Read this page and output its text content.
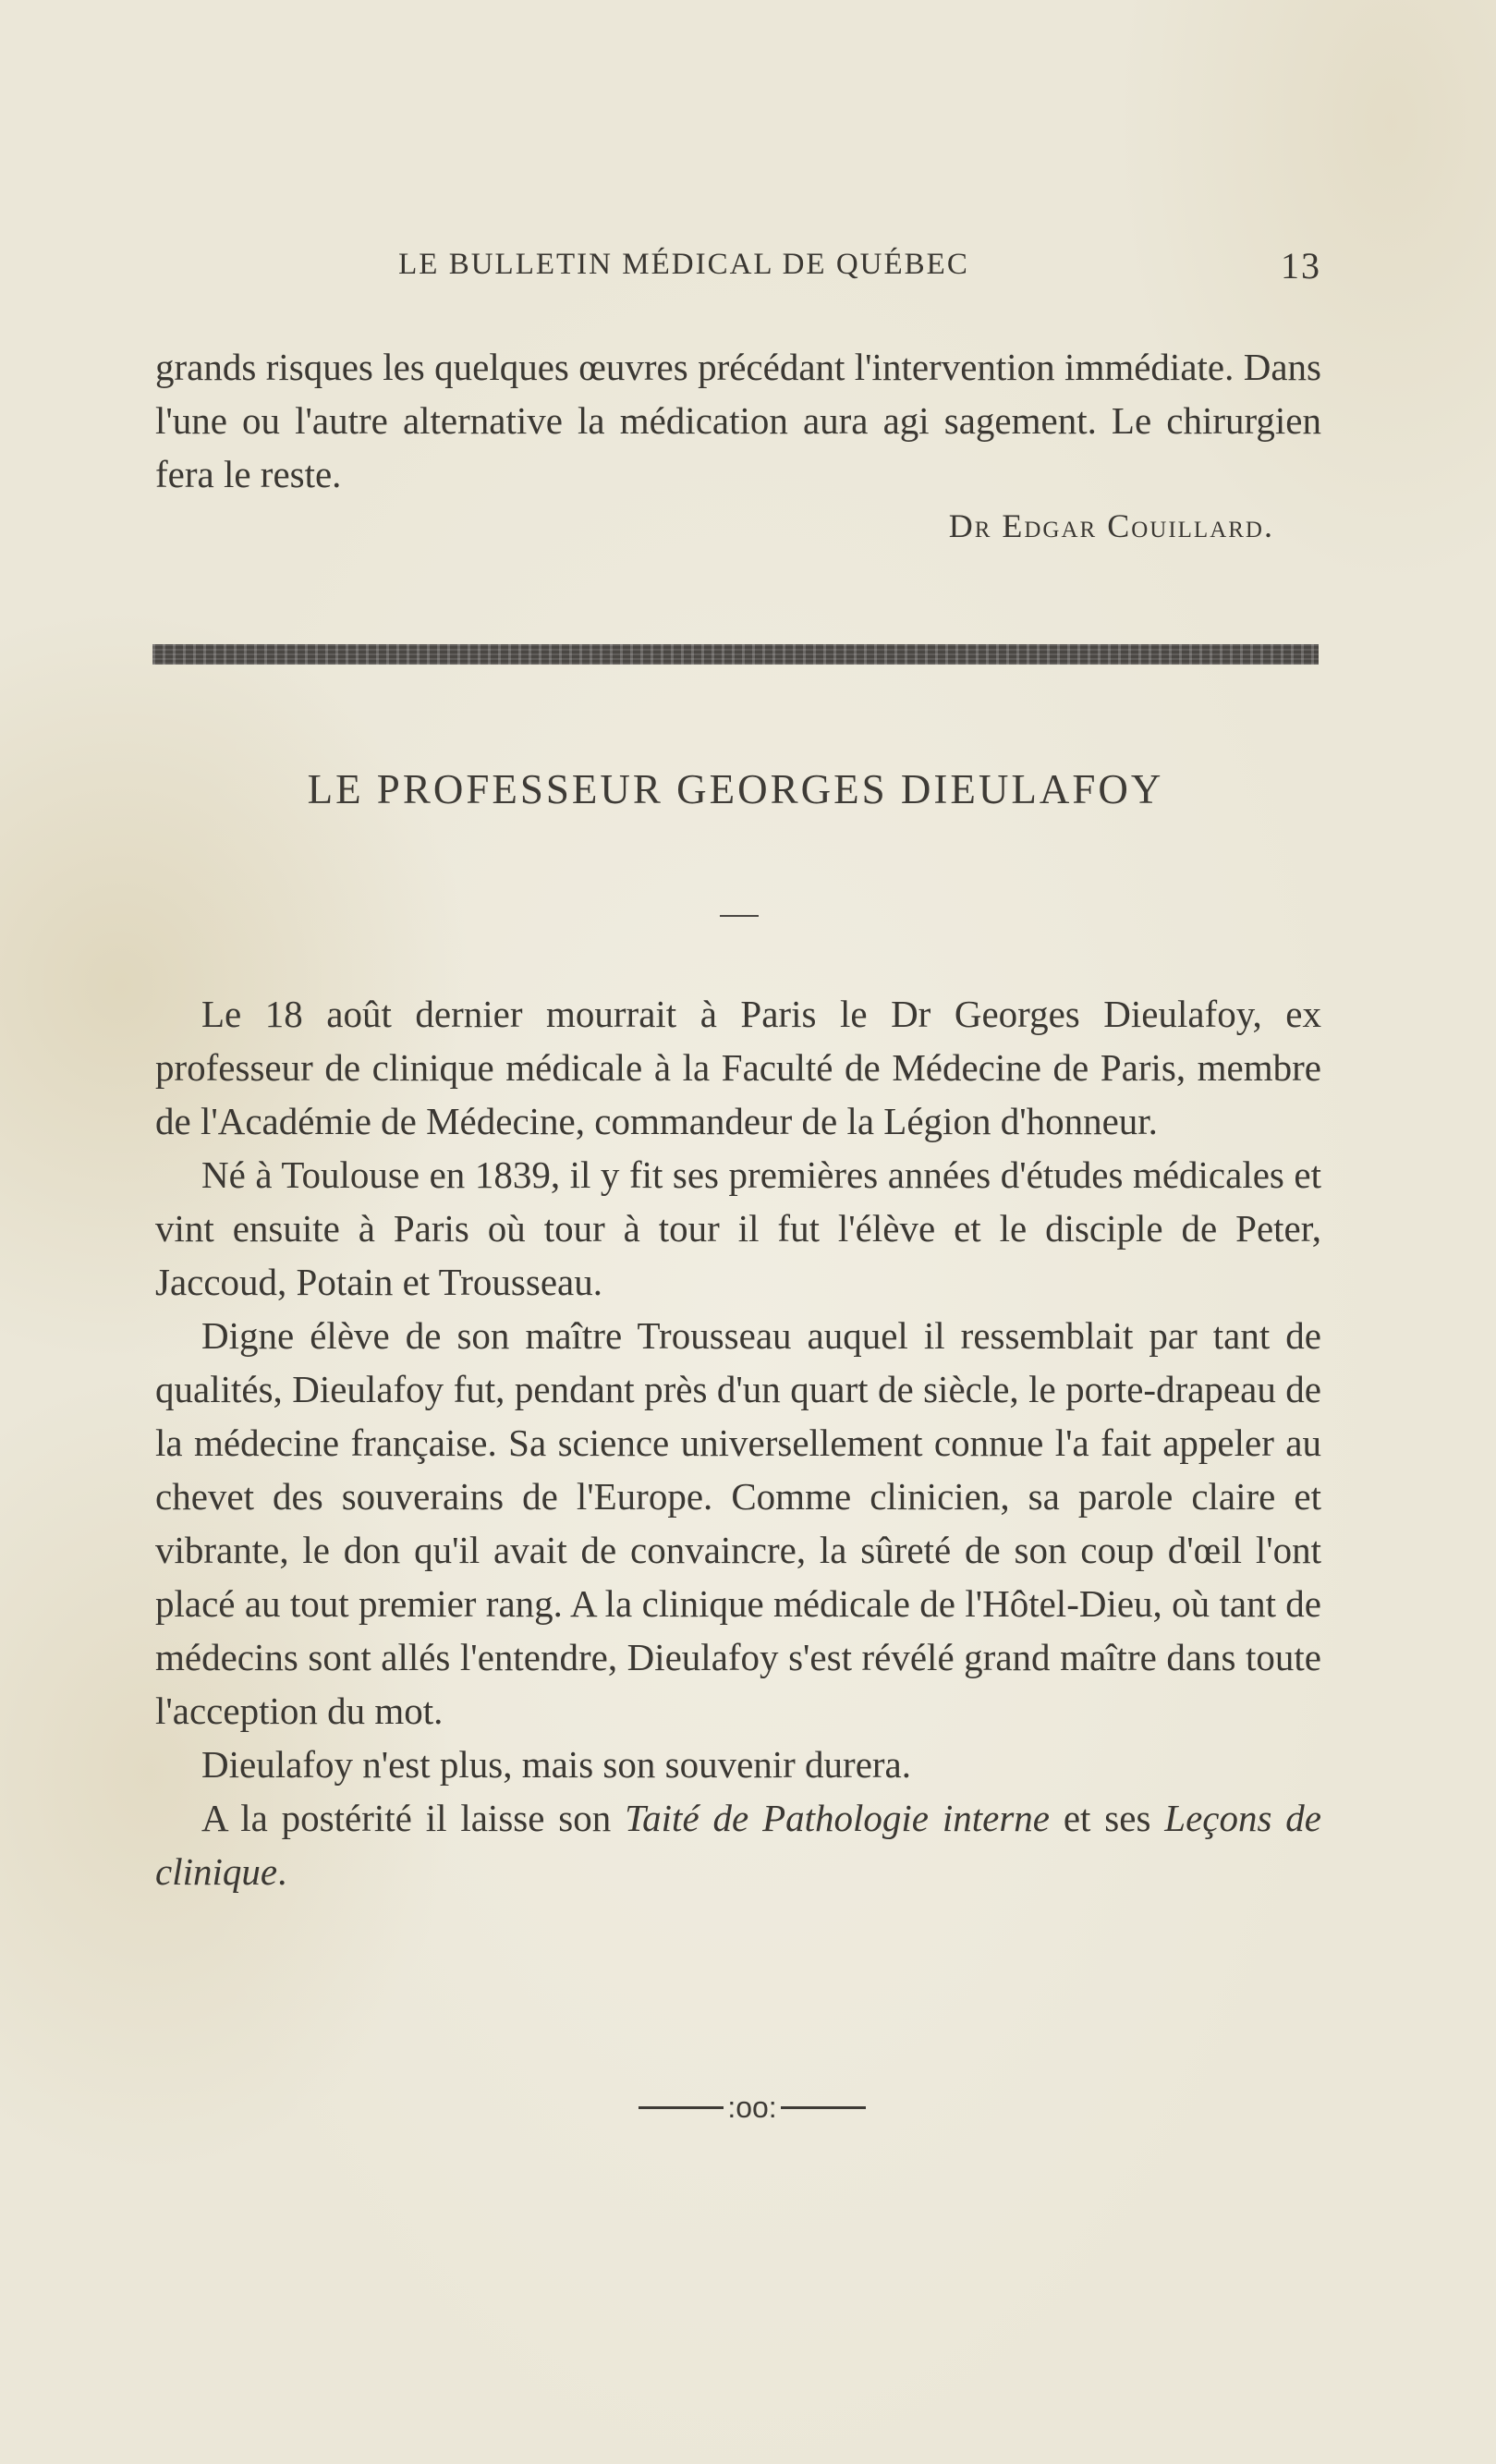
LE BULLETIN MÉDICAL DE QUÉBEC	13

grands risques les quelques œuvres précédant l'intervention immédiate. Dans l'une ou l'autre alternative la médication aura agi sagement. Le chirurgien fera le reste.

Dr Edgar Couillard.
LE PROFESSEUR GEORGES DIEULAFOY

Le 18 août dernier mourrait à Paris le Dr Georges Dieulafoy, ex professeur de clinique médicale à la Faculté de Médecine de Paris, membre de l'Académie de Médecine, commandeur de la Légion d'honneur.

Né à Toulouse en 1839, il y fit ses premières années d'études médicales et vint ensuite à Paris où tour à tour il fut l'élève et le disciple de Peter, Jaccoud, Potain et Trousseau.

Digne élève de son maître Trousseau auquel il ressemblait par tant de qualités, Dieulafoy fut, pendant près d'un quart de siècle, le porte-drapeau de la médecine française. Sa science universellement connue l'a fait appeler au chevet des souverains de l'Europe. Comme clinicien, sa parole claire et vibrante, le don qu'il avait de convaincre, la sûreté de son coup d'œil l'ont placé au tout premier rang. A la clinique médicale de l'Hôtel-Dieu, où tant de médecins sont allés l'entendre, Dieulafoy s'est révélé grand maître dans toute l'acception du mot.

Dieulafoy n'est plus, mais son souvenir durera.

A la postérité il laisse son Taité de Pathologie interne et ses Leçons de clinique.

:oo:
